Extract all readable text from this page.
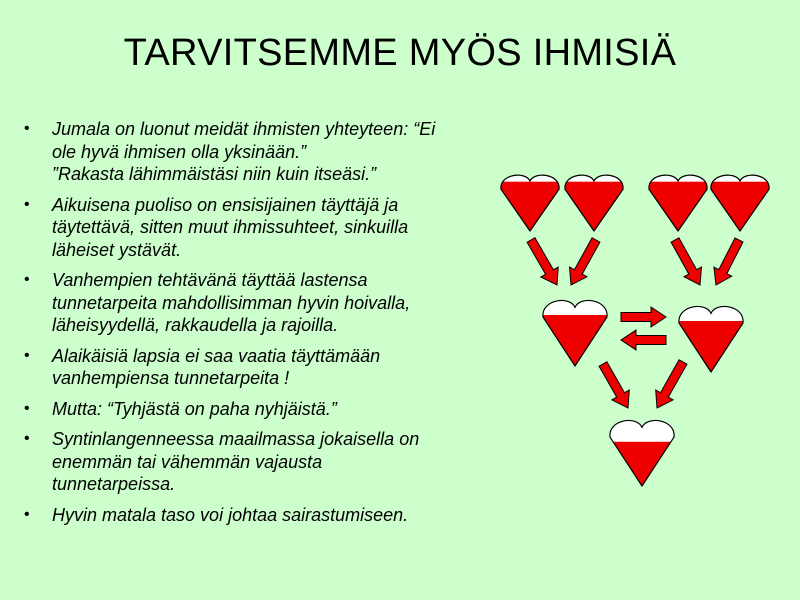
TARVITSEMME MYÖS IHMISIÄ
• Jumala on luonut meidät ihmisten yhteyteen: “Ei
ole hyvä ihmisen olla yksinään.”
”Rakasta lähimmäistäsi niin kuin itseäsi.”
• Aikuisena puoliso on ensisijainen täyttäjä ja
täytettävä, sitten muut ihmissuhteet, sinkuilla
läheiset ystävät.
• Vanhempien tehtävänä täyttää lastensa
tunnetarpeita mahdollisimman hyvin hoivalla,
läheisyydellä, rakkaudella ja rajoilla.
• Alaikäisiä lapsia ei saa vaatia täyttämään
vanhempiensa tunnetarpeita !
• Mutta: “Tyhjästä on paha nyhjäistä.”
• Syntinlangenneessa maailmassa jokaisella on
enemmän tai vähemmän vajausta
tunnetarpeissa.
• Hyvin matala taso voi johtaa sairastumiseen.
